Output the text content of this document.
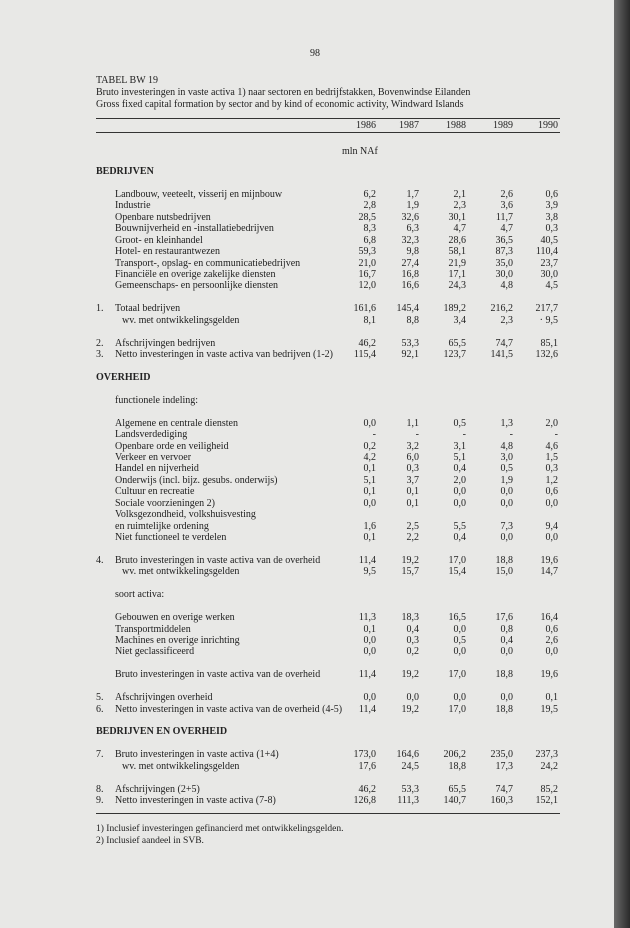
98
TABEL BW 19
Bruto investeringen in vaste activa 1) naar sectoren en bedrijfstakken, Bovenwindse Eilanden
Gross fixed capital formation by sector and by kind of economic activity, Windward Islands
1986	1987	1988	1989	1990
mln NAf
BEDRIJVEN
Landbouw, veeteelt, visserij en mijnbouw	6,2	1,7	2,1	2,6	0,6
Industrie	2,8	1,9	2,3	3,6	3,9
Openbare nutsbedrijven	28,5	32,6	30,1	11,7	3,8
Bouwnijverheid en -installatiebedrijven	8,3	6,3	4,7	4,7	0,3
Groot- en kleinhandel	6,8	32,3	28,6	36,5	40,5
Hotel- en restaurantwezen	59,3	9,8	58,1	87,3	110,4
Transport-, opslag- en communicatiebedrijven	21,0	27,4	21,9	35,0	23,7
Financiële en overige zakelijke diensten	16,7	16,8	17,1	30,0	30,0
Gemeenschaps- en persoonlijke diensten	12,0	16,6	24,3	4,8	4,5
1. Totaal bedrijven	161,6	145,4	189,2	216,2	217,7
wv. met ontwikkelingsgelden	8,1	8,8	3,4	2,3	· 9,5
2. Afschrijvingen bedrijven	46,2	53,3	65,5	74,7	85,1
3. Netto investeringen in vaste activa van bedrijven (1-2)	115,4	92,1	123,7	141,5	132,6
OVERHEID
functionele indeling:
Algemene en centrale diensten	0,0	1,1	0,5	1,3	2,0
Landsverdediging	-	-	-	-	-
Openbare orde en veiligheid	0,2	3,2	3,1	4,8	4,6
Verkeer en vervoer	4,2	6,0	5,1	3,0	1,5
Handel en nijverheid	0,1	0,3	0,4	0,5	0,3
Onderwijs (incl. bijz. gesubs. onderwijs)	5,1	3,7	2,0	1,9	1,2
Cultuur en recreatie	0,1	0,1	0,0	0,0	0,6
Sociale voorzieningen 2)	0,0	0,1	0,0	0,0	0,0
Volksgezondheid, volkshuisvesting
en ruimtelijke ordening	1,6	2,5	5,5	7,3	9,4
Niet functioneel te verdelen	0,1	2,2	0,4	0,0	0,0
4. Bruto investeringen in vaste activa van de overheid	11,4	19,2	17,0	18,8	19,6
wv. met ontwikkelingsgelden	9,5	15,7	15,4	15,0	14,7
soort activa:
Gebouwen en overige werken	11,3	18,3	16,5	17,6	16,4
Transportmiddelen	0,1	0,4	0,0	0,8	0,6
Machines en overige inrichting	0,0	0,3	0,5	0,4	2,6
Niet geclassificeerd	0,0	0,2	0,0	0,0	0,0
Bruto investeringen in vaste activa van de overheid	11,4	19,2	17,0	18,8	19,6
5. Afschrijvingen overheid	0,0	0,0	0,0	0,0	0,1
6. Netto investeringen in vaste activa van de overheid (4-5)	11,4	19,2	17,0	18,8	19,5
BEDRIJVEN EN OVERHEID
7. Bruto investeringen in vaste activa (1+4)	173,0	164,6	206,2	235,0	237,3
wv. met ontwikkelingsgelden	17,6	24,5	18,8	17,3	24,2
8. Afschrijvingen (2+5)	46,2	53,3	65,5	74,7	85,2
9. Netto investeringen in vaste activa (7-8)	126,8	111,3	140,7	160,3	152,1
1) Inclusief investeringen gefinancierd met ontwikkelingsgelden.
2) Inclusief aandeel in SVB.
